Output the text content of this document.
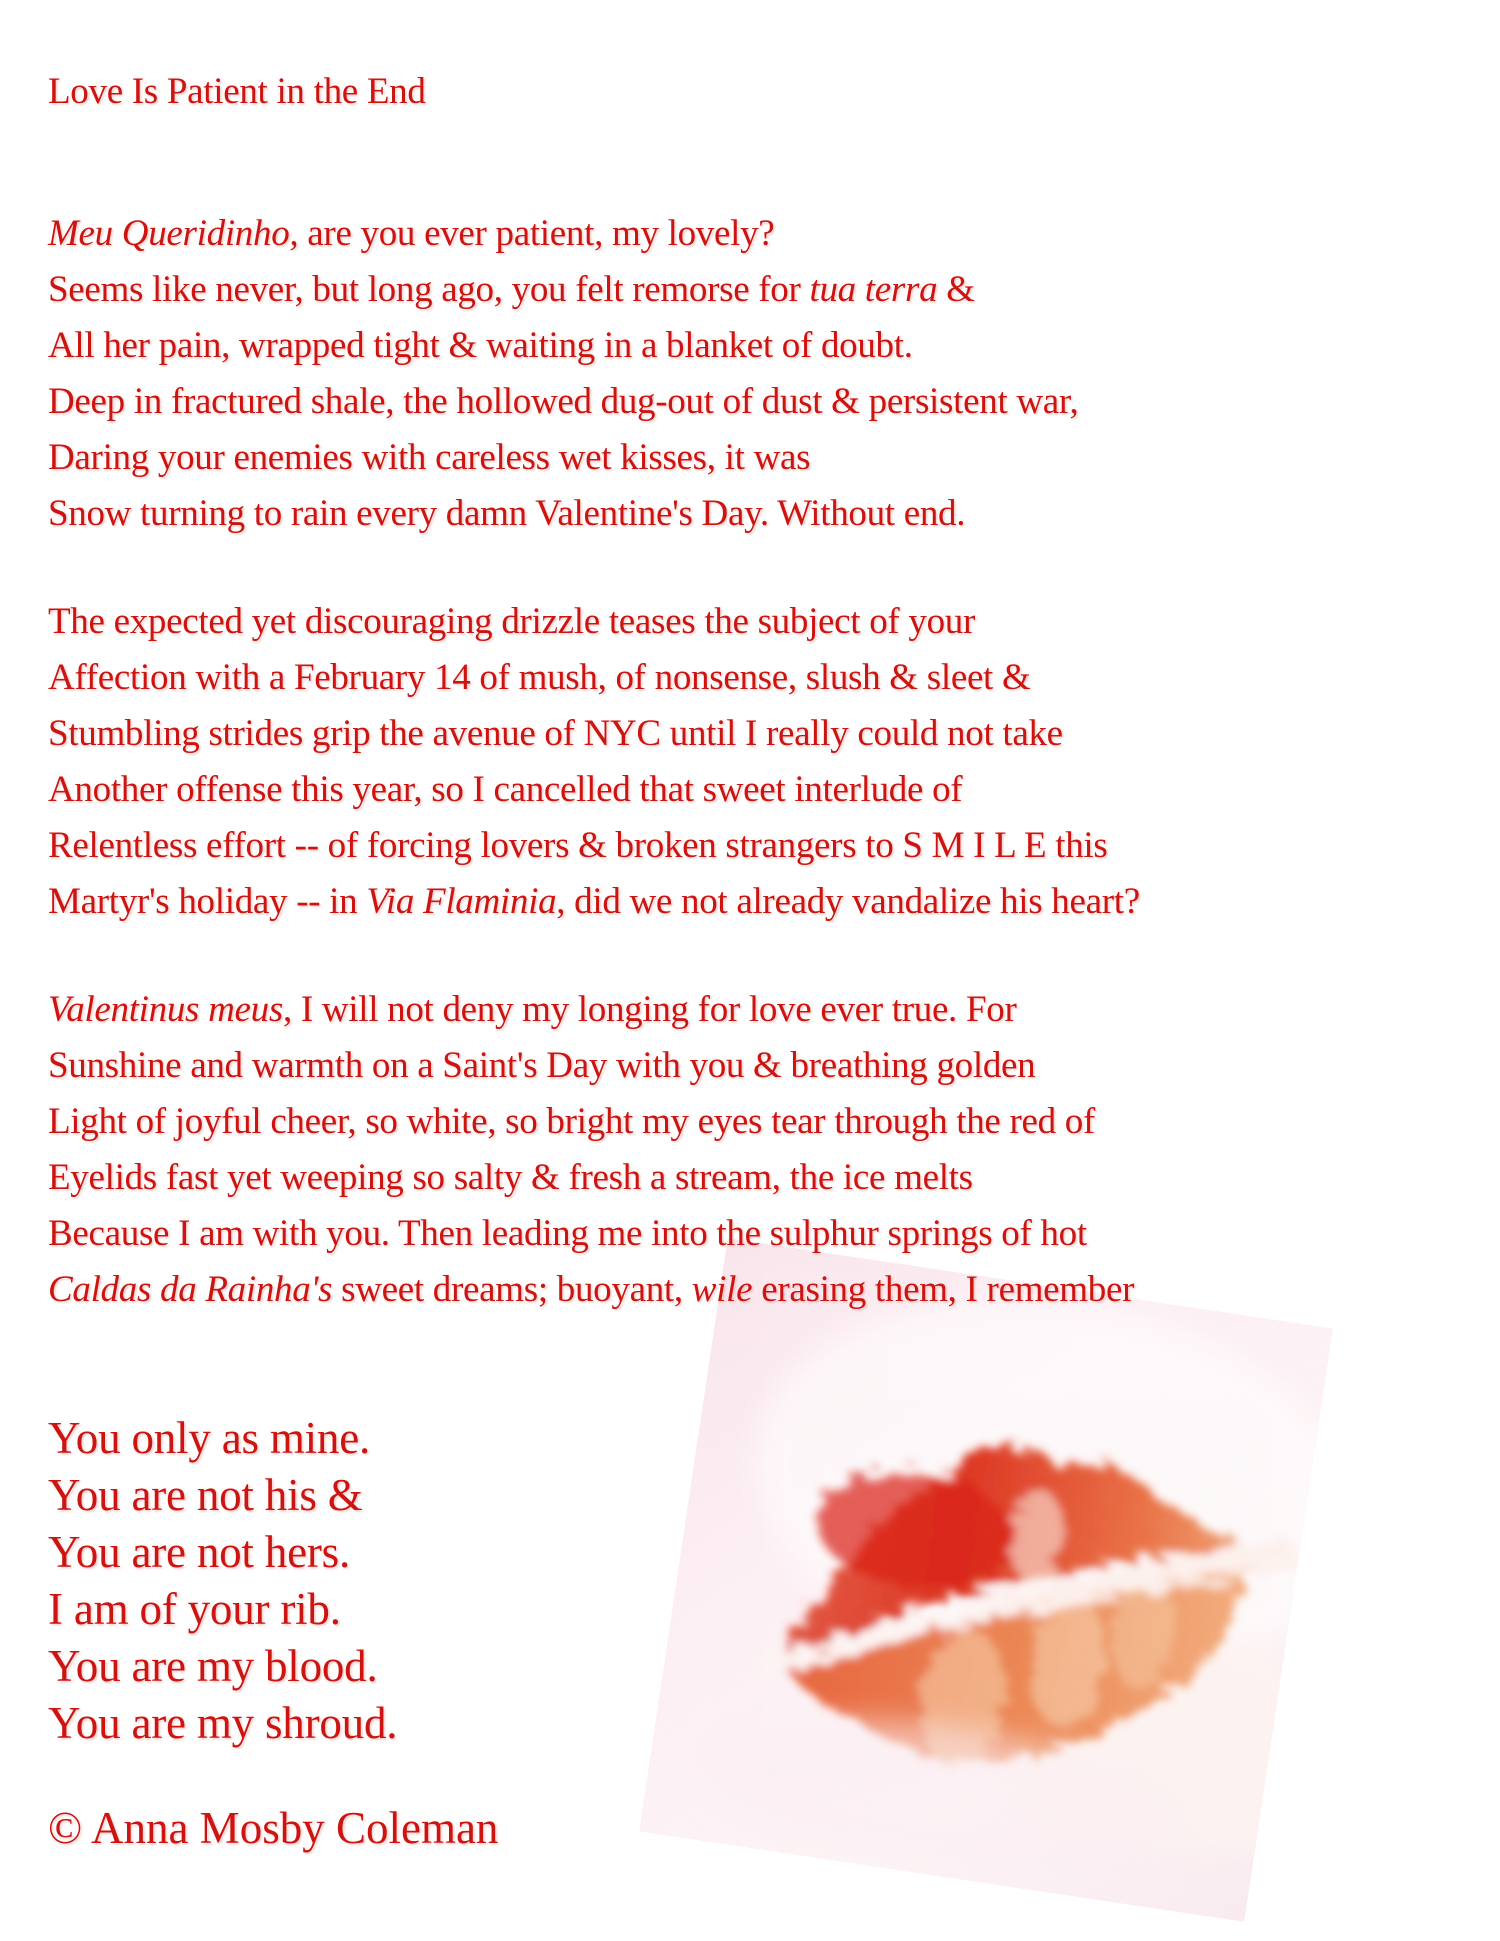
Love Is Patient in the End
Meu Queridinho, are you ever patient, my lovely?
Seems like never, but long ago, you felt remorse for tua terra &
All her pain, wrapped tight & waiting in a blanket of doubt.
Deep in fractured shale, the hollowed dug-out of dust & persistent war,
Daring your enemies with careless wet kisses, it was
Snow turning to rain every damn Valentine's Day. Without end.
The expected yet discouraging drizzle teases the subject of your
Affection with a February 14 of mush, of nonsense, slush & sleet &
Stumbling strides grip the avenue of NYC until I really could not take
Another offense this year, so I cancelled that sweet interlude of
Relentless effort -- of forcing lovers & broken strangers to S M I L E this
Martyr's holiday -- in Via Flaminia, did we not already vandalize his heart?
Valentinus meus, I will not deny my longing for love ever true. For
Sunshine and warmth on a Saint's Day with you & breathing golden
Light of joyful cheer, so white, so bright my eyes tear through the red of
Eyelids fast yet weeping so salty & fresh a stream, the ice melts
Because I am with you. Then leading me into the sulphur springs of hot
Caldas da Rainha's sweet dreams; buoyant, wile erasing them, I remember
You only as mine.
You are not his &
You are not hers.
I am of your rib.
You are my blood.
You are my shroud.
© Anna Mosby Coleman
